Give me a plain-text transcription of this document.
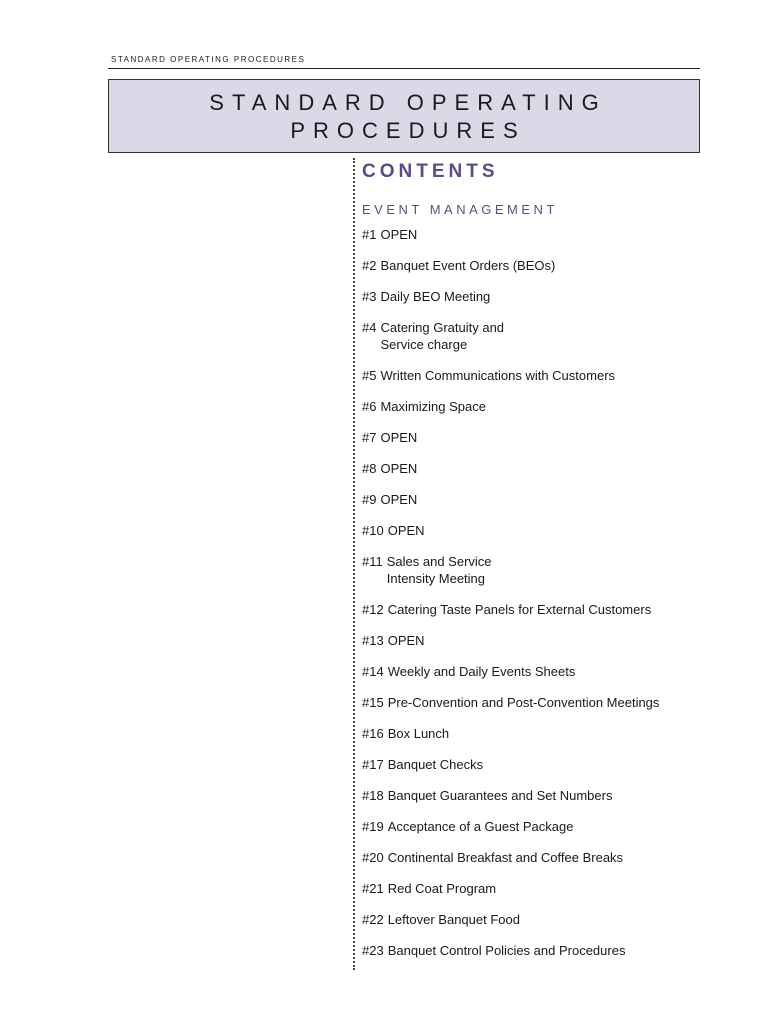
STANDARD OPERATING PROCEDURES
STANDARD OPERATING
PROCEDURES
CONTENTS
EVENT MANAGEMENT
#1 OPEN
#2 Banquet Event Orders (BEOs)
#3 Daily BEO Meeting
#4 Catering Gratuity and
Service charge
#5 Written Communications with Customers
#6 Maximizing Space
#7 OPEN
#8 OPEN
#9 OPEN
#10 OPEN
#11 Sales and Service
Intensity Meeting
#12 Catering Taste Panels for External Customers
#13 OPEN
#14 Weekly and Daily Events Sheets
#15 Pre-Convention and Post-Convention Meetings
#16 Box Lunch
#17 Banquet Checks
#18 Banquet Guarantees and Set Numbers
#19 Acceptance of a Guest Package
#20 Continental Breakfast and Coffee Breaks
#21 Red Coat Program
#22 Leftover Banquet Food
#23 Banquet Control Policies and Procedures
